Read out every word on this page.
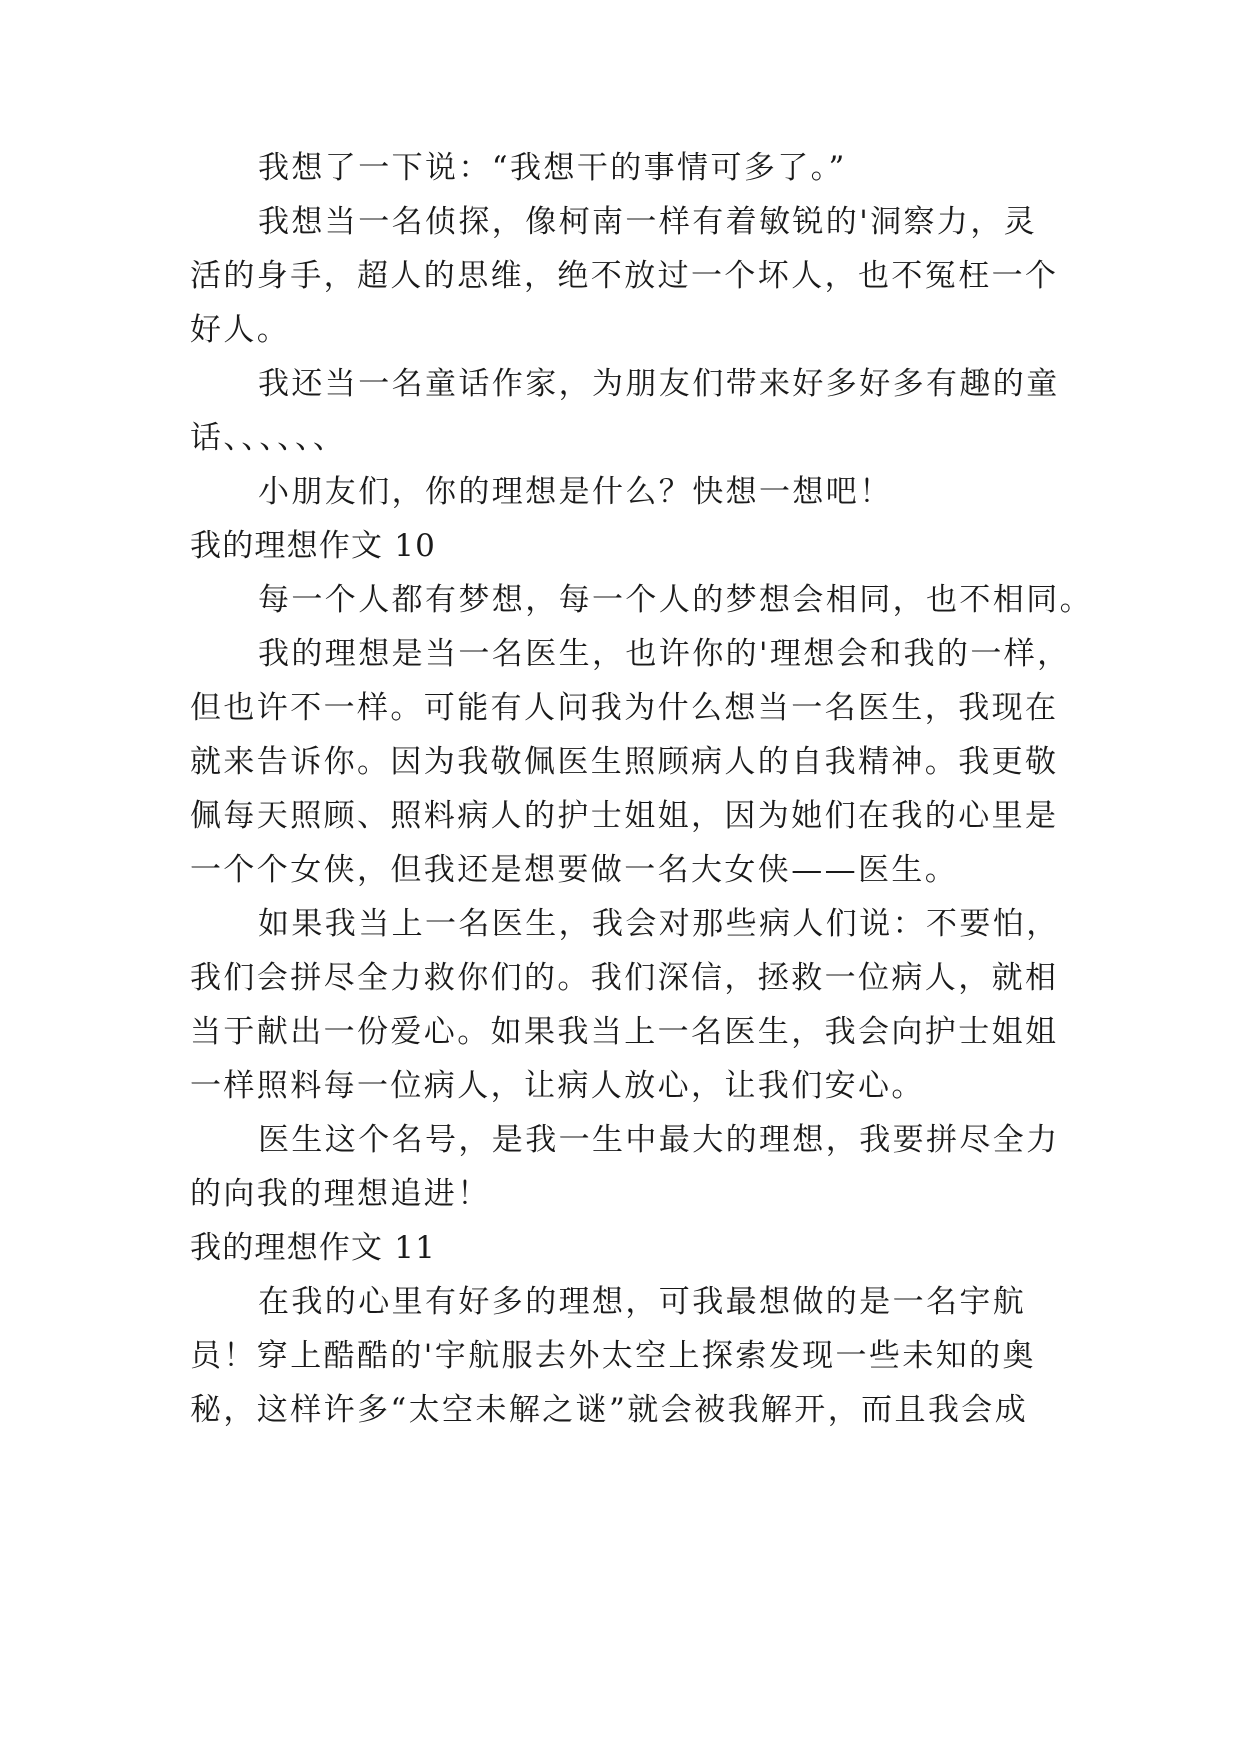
我想了一下说：“我想干的事情可多了。”
我想当一名侦探，像柯南一样有着敏锐的'洞察力，灵
活的身手，超人的思维，绝不放过一个坏人，也不冤枉一个
好人。
我还当一名童话作家，为朋友们带来好多好多有趣的童
话、、、、、、
小朋友们，你的理想是什么？快想一想吧！
我的理想作文 10
每一个人都有梦想，每一个人的梦想会相同，也不相同。
我的理想是当一名医生，也许你的'理想会和我的一样，
但也许不一样。可能有人问我为什么想当一名医生，我现在
就来告诉你。因为我敬佩医生照顾病人的自我精神。我更敬
佩每天照顾、照料病人的护士姐姐，因为她们在我的心里是
一个个女侠，但我还是想要做一名大女侠——医生。
如果我当上一名医生，我会对那些病人们说：不要怕，
我们会拼尽全力救你们的。我们深信，拯救一位病人，就相
当于献出一份爱心。如果我当上一名医生，我会向护士姐姐
一样照料每一位病人，让病人放心，让我们安心。
医生这个名号，是我一生中最大的理想，我要拼尽全力
的向我的理想追进！
我的理想作文 11
在我的心里有好多的理想，可我最想做的是一名宇航
员！穿上酷酷的'宇航服去外太空上探索发现一些未知的奥
秘，这样许多“太空未解之谜”就会被我解开，而且我会成
